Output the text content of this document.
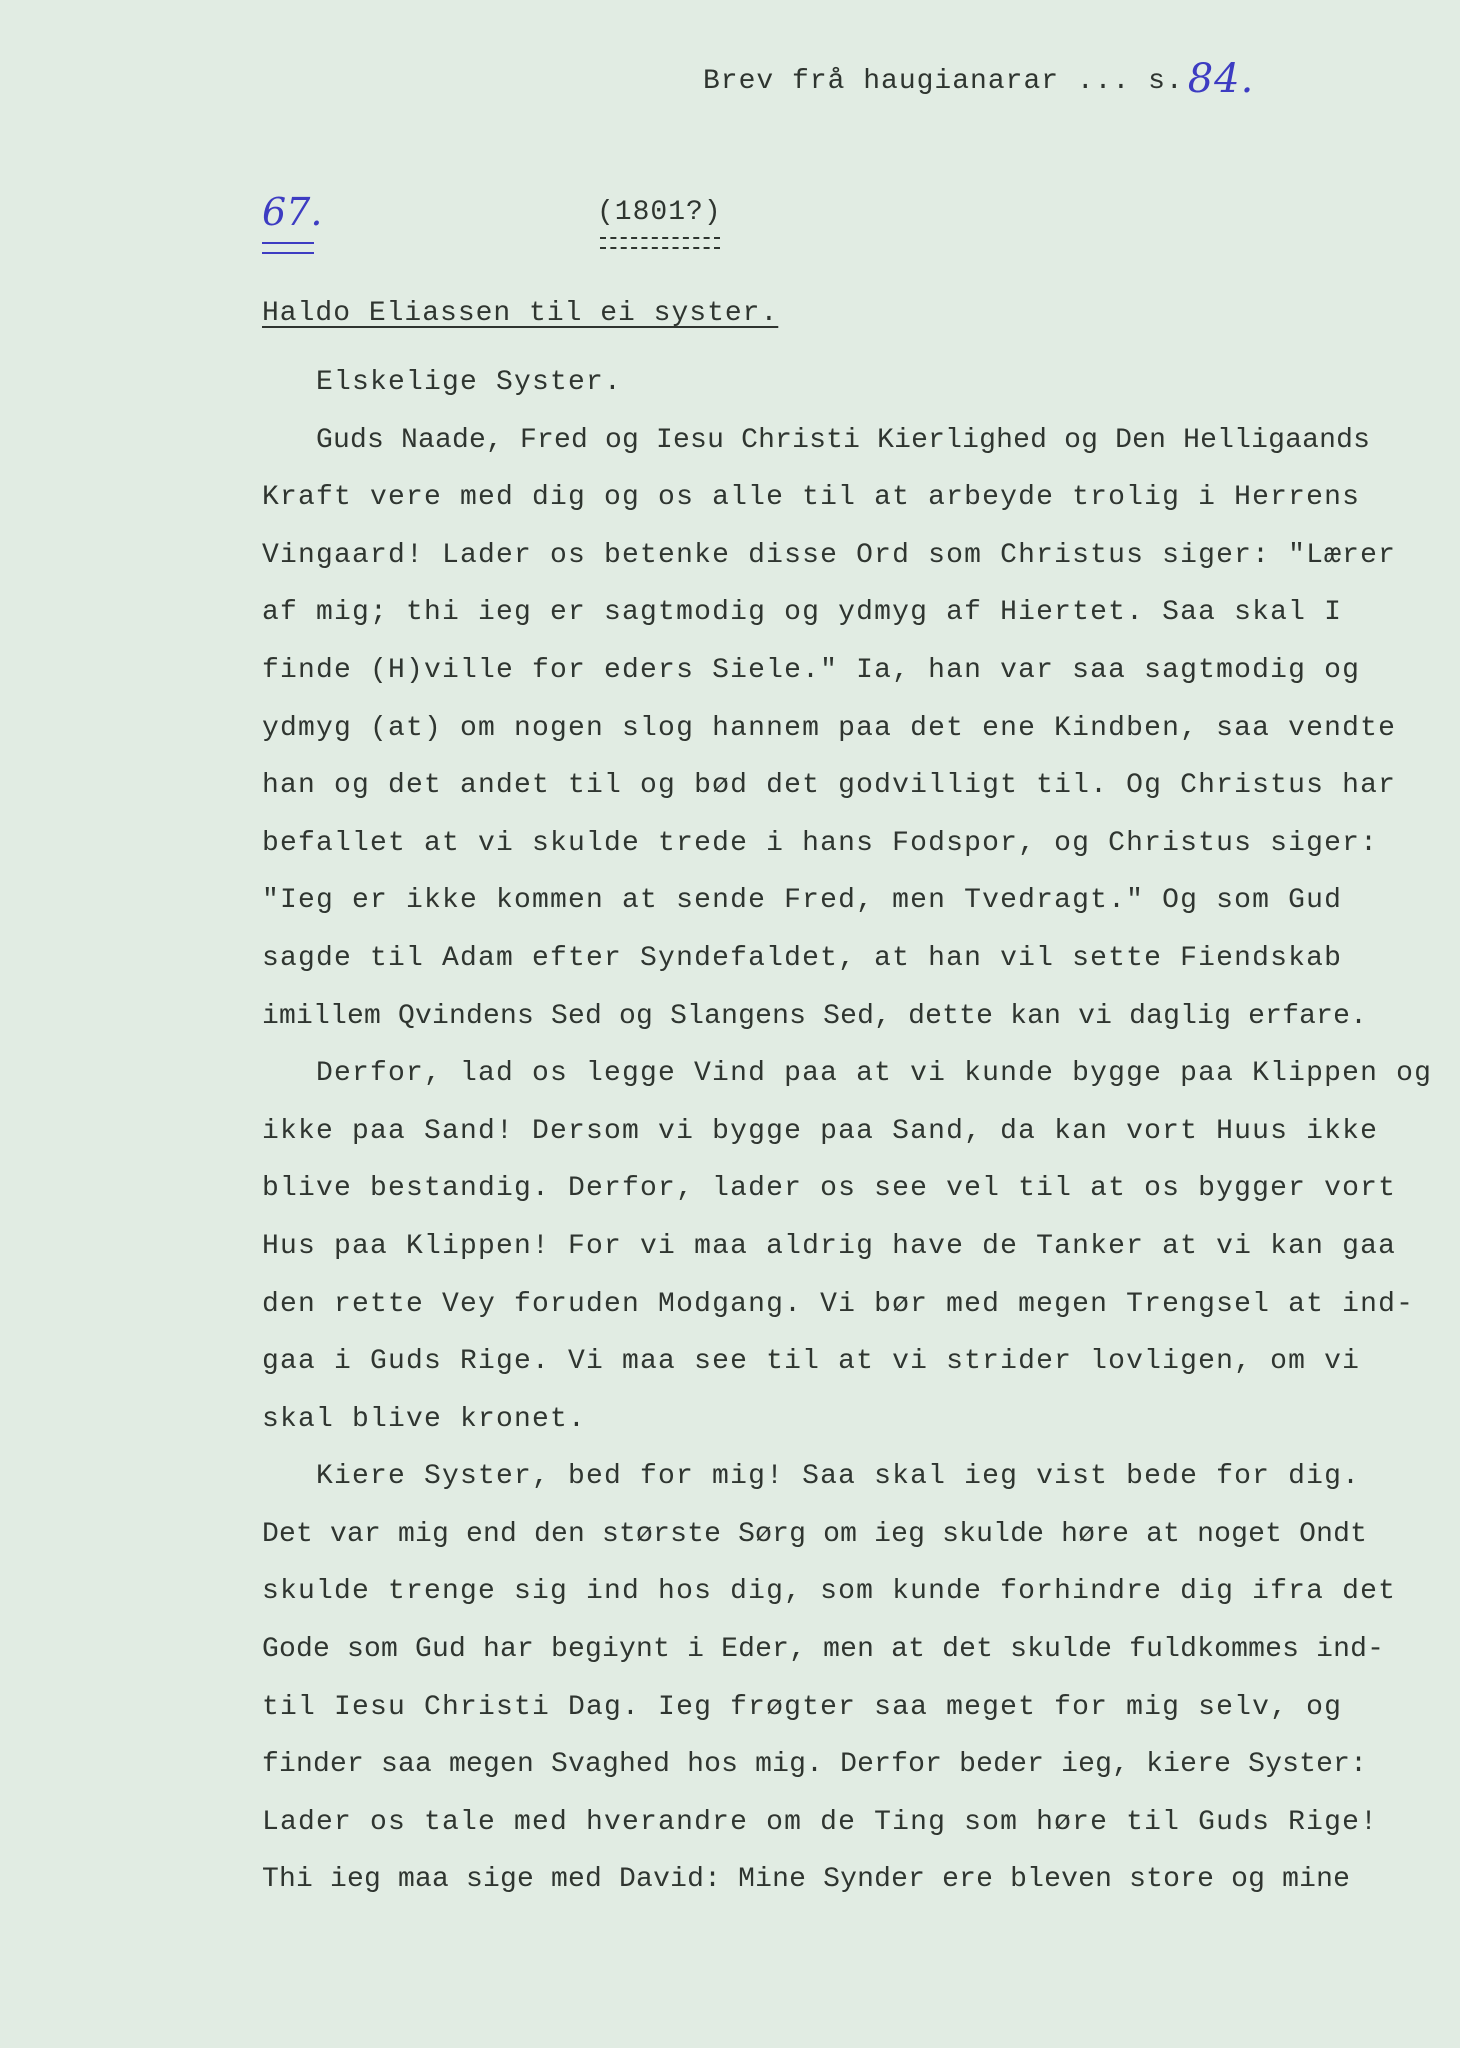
Brev frå haugianarar ... s. 84.
67.	(1801?)
Haldo Eliassen til ei syster.
Elskelige Syster.
Guds Naade, Fred og Iesu Christi Kierlighed og Den Helligaands
Kraft vere med dig og os alle til at arbeyde trolig i Herrens
Vingaard! Lader os betenke disse Ord som Christus siger: "Lærer
af mig; thi ieg er sagtmodig og ydmyg af Hiertet. Saa skal I
finde (H)ville for eders Siele." Ia, han var saa sagtmodig og
ydmyg (at) om nogen slog hannem paa det ene Kindben, saa vendte
han og det andet til og bød det godvilligt til. Og Christus har
befallet at vi skulde trede i hans Fodspor, og Christus siger:
"Ieg er ikke kommen at sende Fred, men Tvedragt." Og som Gud
sagde til Adam efter Syndefaldet, at han vil sette Fiendskab
imillem Qvindens Sed og Slangens Sed, dette kan vi daglig erfare.
Derfor, lad os legge Vind paa at vi kunde bygge paa Klippen og
ikke paa Sand! Dersom vi bygge paa Sand, da kan vort Huus ikke
blive bestandig. Derfor, lader os see vel til at os bygger vort
Hus paa Klippen! For vi maa aldrig have de Tanker at vi kan gaa
den rette Vey foruden Modgang. Vi bør med megen Trengsel at ind-
gaa i Guds Rige. Vi maa see til at vi strider lovligen, om vi
skal blive kronet.
Kiere Syster, bed for mig! Saa skal ieg vist bede for dig.
Det var mig end den største Sørg om ieg skulde høre at noget Ondt
skulde trenge sig ind hos dig, som kunde forhindre dig ifra det
Gode som Gud har begiynt i Eder, men at det skulde fuldkommes ind-
til Iesu Christi Dag. Ieg frøgter saa meget for mig selv, og
finder saa megen Svaghed hos mig. Derfor beder ieg, kiere Syster:
Lader os tale med hverandre om de Ting som høre til Guds Rige!
Thi ieg maa sige med David: Mine Synder ere bleven store og mine
